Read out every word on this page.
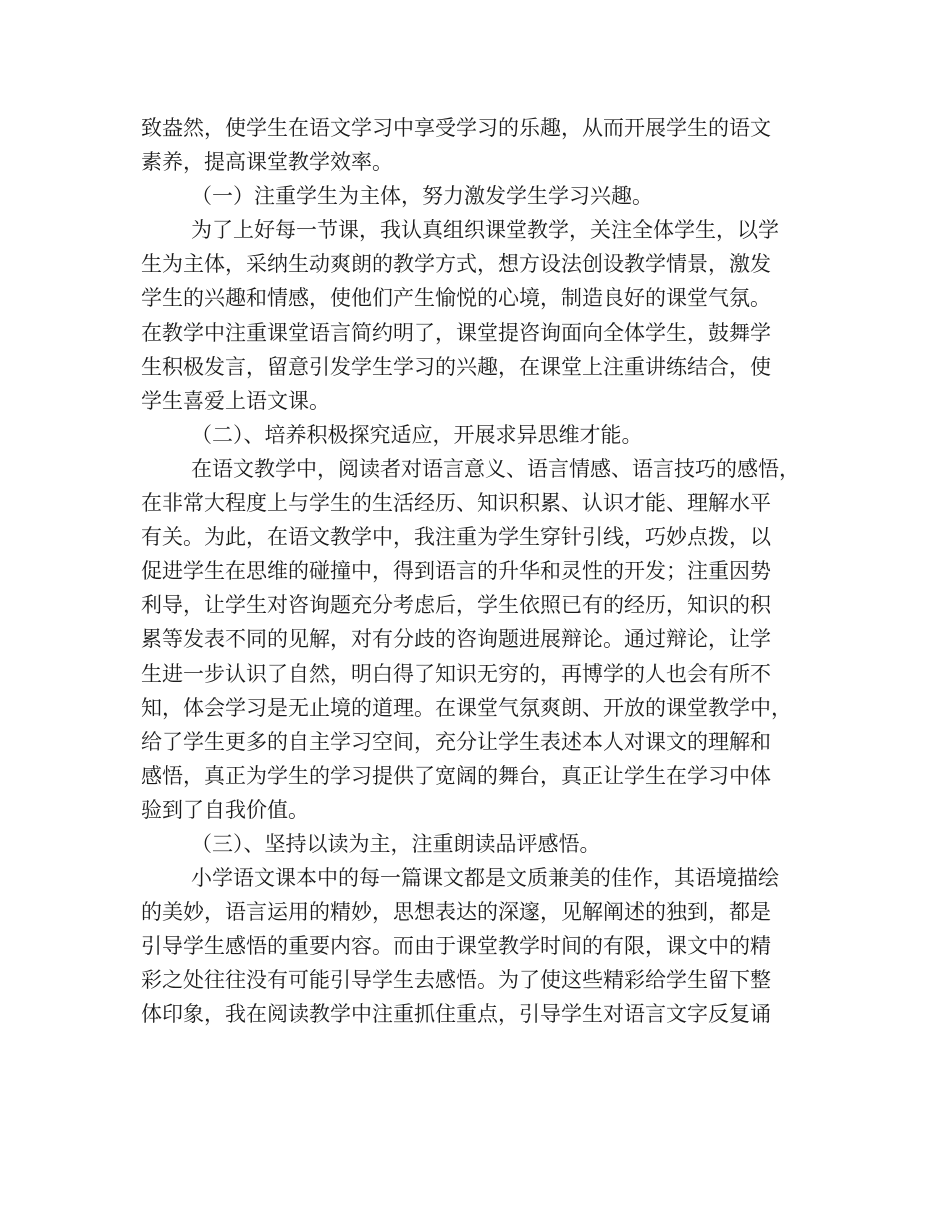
致盎然，使学生在语文学习中享受学习的乐趣，从而开展学生的语文
素养，提高课堂教学效率。
（一）注重学生为主体，努力激发学生学习兴趣。
为了上好每一节课，我认真组织课堂教学，关注全体学生，以学
生为主体，采纳生动爽朗的教学方式，想方设法创设教学情景，激发
学生的兴趣和情感，使他们产生愉悦的心境，制造良好的课堂气氛。
在教学中注重课堂语言简约明了，课堂提咨询面向全体学生，鼓舞学
生积极发言，留意引发学生学习的兴趣，在课堂上注重讲练结合，使
学生喜爱上语文课。
（二）、培养积极探究适应，开展求异思维才能。
在语文教学中，阅读者对语言意义、语言情感、语言技巧的感悟，
在非常大程度上与学生的生活经历、知识积累、认识才能、理解水平
有关。为此，在语文教学中，我注重为学生穿针引线，巧妙点拨，以
促进学生在思维的碰撞中，得到语言的升华和灵性的开发；注重因势
利导，让学生对咨询题充分考虑后，学生依照已有的经历，知识的积
累等发表不同的见解，对有分歧的咨询题进展辩论。通过辩论，让学
生进一步认识了自然，明白得了知识无穷的，再博学的人也会有所不
知，体会学习是无止境的道理。在课堂气氛爽朗、开放的课堂教学中，
给了学生更多的自主学习空间，充分让学生表述本人对课文的理解和
感悟，真正为学生的学习提供了宽阔的舞台，真正让学生在学习中体
验到了自我价值。
（三）、坚持以读为主，注重朗读品评感悟。
小学语文课本中的每一篇课文都是文质兼美的佳作，其语境描绘
的美妙，语言运用的精妙，思想表达的深邃，见解阐述的独到，都是
引导学生感悟的重要内容。而由于课堂教学时间的有限，课文中的精
彩之处往往没有可能引导学生去感悟。为了使这些精彩给学生留下整
体印象，我在阅读教学中注重抓住重点，引导学生对语言文字反复诵
